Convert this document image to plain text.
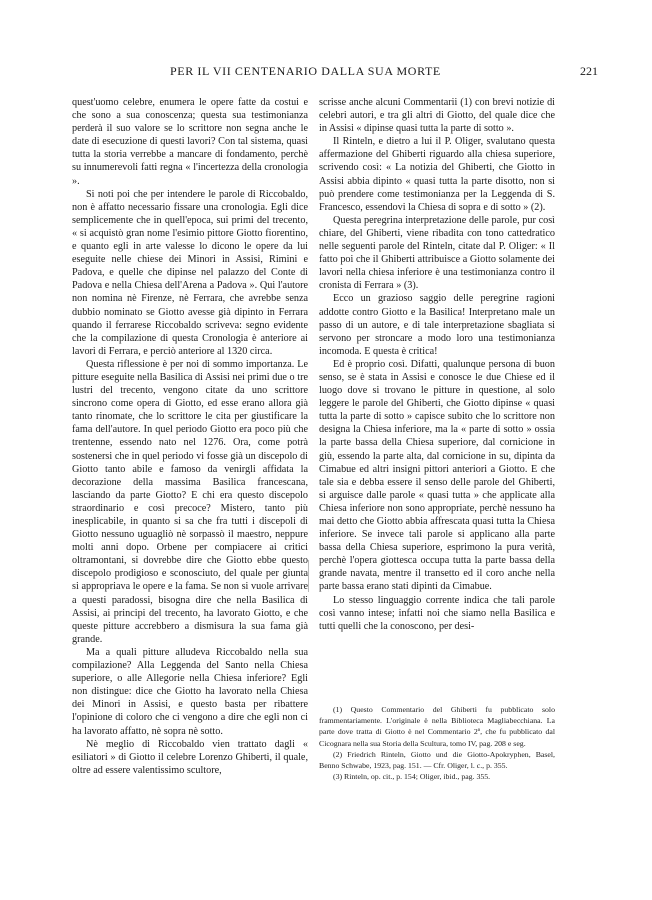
PER IL VII CENTENARIO DALLA SUA MORTE	221

quest'uomo celebre, enumera le opere fatte da costui e che sono a sua conoscenza; questa sua testimonianza perderà il suo valore se lo scrittore non segna anche le date di esecuzione di questi lavori? Con tal sistema, quasi tutta la storia verrebbe a mancare di fondamento, perchè su innumerevoli fatti regna « l'incertezza della cronologia ».

Si noti poi che per intendere le parole di Riccobaldo, non è affatto necessario fissare una cronologia. Egli dice semplicemente che in quell'epoca, sui primi del trecento, « si acquistò gran nome l'esimio pittore Giotto fiorentino, e quanto egli in arte valesse lo dicono le opere da lui eseguite nelle chiese dei Minori in Assisi, Rimini e Padova, e quelle che dipinse nel palazzo del Conte di Padova e nella Chiesa dell'Arena a Padova ». Qui l'autore non nomina nè Firenze, nè Ferrara, che avrebbe senza dubbio nominato se Giotto avesse già dipinto in Ferrara quando il ferrarese Riccobaldo scriveva: segno evidente che la compilazione di questa Cronologia è anteriore ai lavori di Ferrara, e perciò anteriore al 1320 circa.

Questa riflessione è per noi di sommo importanza. Le pitture eseguite nella Basilica di Assisi nei primi due o tre lustri del trecento, vengono citate da uno scrittore sincrono come opera di Giotto, ed esse erano allora già tanto rinomate, che lo scrittore le cita per giustificare la fama dell'autore. In quel periodo Giotto era poco più che trentenne, essendo nato nel 1276. Ora, come potrà sostenersi che in quel periodo vi fosse già un discepolo di Giotto tanto abile e famoso da venirgli affidata la decorazione della massima Basilica francescana, lasciando da parte Giotto? E chi era questo discepolo straordinario e così precoce? Mistero, tanto più inesplicabile, in quanto si sa che fra tutti i discepoli di Giotto nessuno uguagliò nè sorpassò il maestro, neppure molti anni dopo. Orbene per compiacere ai critici oltramontani, si dovrebbe dire che Giotto ebbe questo discepolo prodigioso e sconosciuto, del quale per giunta si appropriava le opere e la fama. Se non si vuole arrivare a questi paradossi, bisogna dire che nella Basilica di Assisi, ai principi del trecento, ha lavorato Giotto, e che queste pitture accrebbero a dismisura la sua fama già grande.

Ma a quali pitture alludeva Riccobaldo nella sua compilazione? Alla Leggenda del Santo nella Chiesa superiore, o alle Allegorie nella Chiesa inferiore? Egli non distingue: dice che Giotto ha lavorato nella Chiesa dei Minori in Assisi, e questo basta per ribattere l'opinione di coloro che ci vengono a dire che egli non ci ha lavorato affatto, nè sopra nè sotto.

Nè meglio di Riccobaldo vien trattato dagli « esiliatori » di Giotto il celebre Lorenzo Ghiberti, il quale, oltre ad essere valentissimo scultore,

scrisse anche alcuni Commentarii (1) con brevi notizie di celebri autori, e tra gli altri di Giotto, del quale dice che in Assisi « dipinse quasi tutta la parte di sotto ».

Il Rinteln, e dietro a lui il P. Oliger, svalutano questa affermazione del Ghiberti riguardo alla chiesa superiore, scrivendo così: « La notizia del Ghiberti, che Giotto in Assisi abbia dipinto « quasi tutta la parte disotto, non si può prendere come testimonianza per la Leggenda di S. Francesco, essendovi la Chiesa di sopra e di sotto » (2).

Questa peregrina interpretazione delle parole, pur così chiare, del Ghiberti, viene ribadita con tono cattedratico nelle seguenti parole del Rinteln, citate dal P. Oliger: « Il fatto poi che il Ghiberti attribuisce a Giotto solamente dei lavori nella chiesa inferiore è una testimonianza contro il cronista di Ferrara » (3).

Ecco un grazioso saggio delle peregrine ragioni addotte contro Giotto e la Basilica! Interpretano male un passo di un autore, e di tale interpretazione sbagliata si servono per stroncare a modo loro una testimonianza incomoda. E questa è critica!

Ed è proprio così. Difatti, qualunque persona di buon senso, se è stata in Assisi e conosce le due Chiese ed il luogo dove si trovano le pitture in questione, al solo leggere le parole del Ghiberti, che Giotto dipinse « quasi tutta la parte di sotto » capisce subito che lo scrittore non designa la Chiesa inferiore, ma la « parte di sotto » ossia la parte bassa della Chiesa superiore, dal cornicione in giù, essendo la parte alta, dal cornicione in su, dipinta da Cimabue ed altri insigni pittori anteriori a Giotto. E che tale sia e debba essere il senso delle parole del Ghiberti, si arguisce dalle parole « quasi tutta » che applicate alla Chiesa inferiore non sono appropriate, perchè nessuno ha mai detto che Giotto abbia affrescata quasi tutta la Chiesa inferiore. Se invece tali parole si applicano alla parte bassa della Chiesa superiore, esprimono la pura verità, perchè l'opera giottesca occupa tutta la parte bassa della grande navata, mentre il transetto ed il coro anche nella parte bassa erano stati dipinti da Cimabue.

Lo stesso linguaggio corrente indica che tali parole così vanno intese; infatti noi che siamo nella Basilica e tutti quelli che la conoscono, per desi-

(1) Questo Commentario del Ghiberti fu pubblicato solo frammentariamente. L'originale è nella Biblioteca Magliabecchiana. La parte dove tratta di Giotto è nel Commentario 2º, che fu pubblicato dal Cicognara nella sua Storia della Scultura, tomo IV, pag. 208 e seg.

(2) Friedrich Rinteln, Giotto und die Giotto-Apokryphen, Basel, Benno Schwabe, 1923, pag. 151. — Cfr. Oliger, l. c., p. 355.

(3) Rinteln, op. cit., p. 154; Oliger, ibid., pag. 355.
